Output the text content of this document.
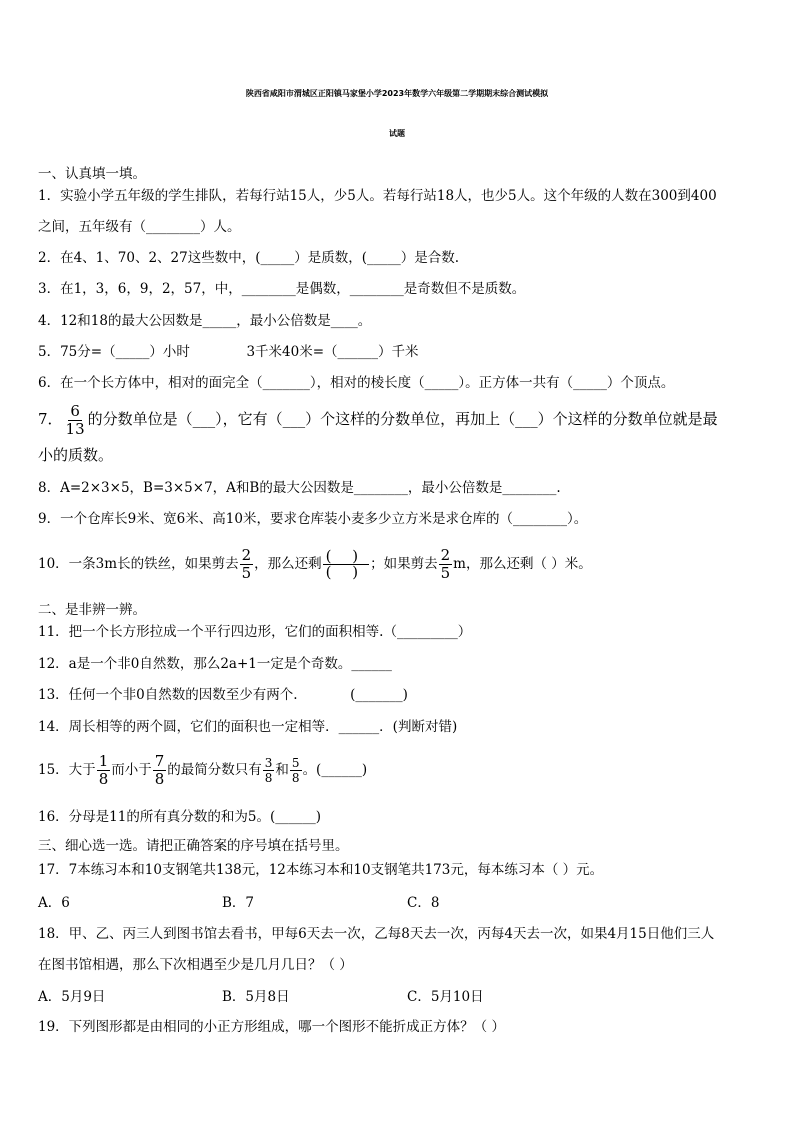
陕西省咸阳市渭城区正阳镇马家堡小学2023年数学六年级第二学期期末综合测试模拟
试题
一、认真填一填。
1．实验小学五年级的学生排队，若每行站15人，少5人。若每行站18人，也少5人。这个年级的人数在300到400
之间，五年级有（________）人。
2．在4、1、70、2、27这些数中，(_____）是质数，(_____）是合数.
3．在1，3，6，9，2，57，中，________是偶数，________是奇数但不是质数。
4．12和18的最大公因数是_____，最小公倍数是____。
5．75分=（_____）小时	3千米40米=（______）千米
6．在一个长方体中，相对的面完全（_______），相对的棱长度（_____）。正方体一共有（_____）个顶点。
7． $\frac{6}{13}$ 的分数单位是（___），它有（___）个这样的分数单位，再加上（___）个这样的分数单位就是最
小的质数。
8．A=2×3×5，B=3×5×7，A和B的最大公因数是________，最小公倍数是________.
9．一个仓库长9米、宽6米、高10米，要求仓库装小麦多少立方米是求仓库的（________）。
10．一条3m长的铁丝，如果剪去 $\frac{2}{5}$ ，那么还剩 $\frac{( )}{( )}$ ；如果剪去 $\frac{2}{5}$ m，那么还剩（ ）米。
二、是非辨一辨。
11．把一个长方形拉成一个平行四边形，它们的面积相等.（_________）
12．a是一个非0自然数，那么2a+1一定是个奇数。______
13．任何一个非0自然数的因数至少有两个.	(_______)
14．周长相等的两个圆，它们的面积也一定相等．______．(判断对错)
15．大于 $\frac{1}{8}$ 而小于 $\frac{7}{8}$ 的最简分数只有 $\frac{3}{8}$ 和 $\frac{5}{8}$ 。(______)
16．分母是11的所有真分数的和为5。(______)
三、细心选一选。请把正确答案的序号填在括号里。
17．7本练习本和10支钢笔共138元，12本练习本和10支钢笔共173元，每本练习本（ ）元。
A．6	B．7	C．8
18．甲、乙、丙三人到图书馆去看书，甲每6天去一次，乙每8天去一次，丙每4天去一次，如果4月15日他们三人
在图书馆相遇，那么下次相遇至少是几月几日？（ ）
A．5月9日	B．5月8日	C．5月10日
19．下列图形都是由相同的小正方形组成，哪一个图形不能折成正方体？（ ）
